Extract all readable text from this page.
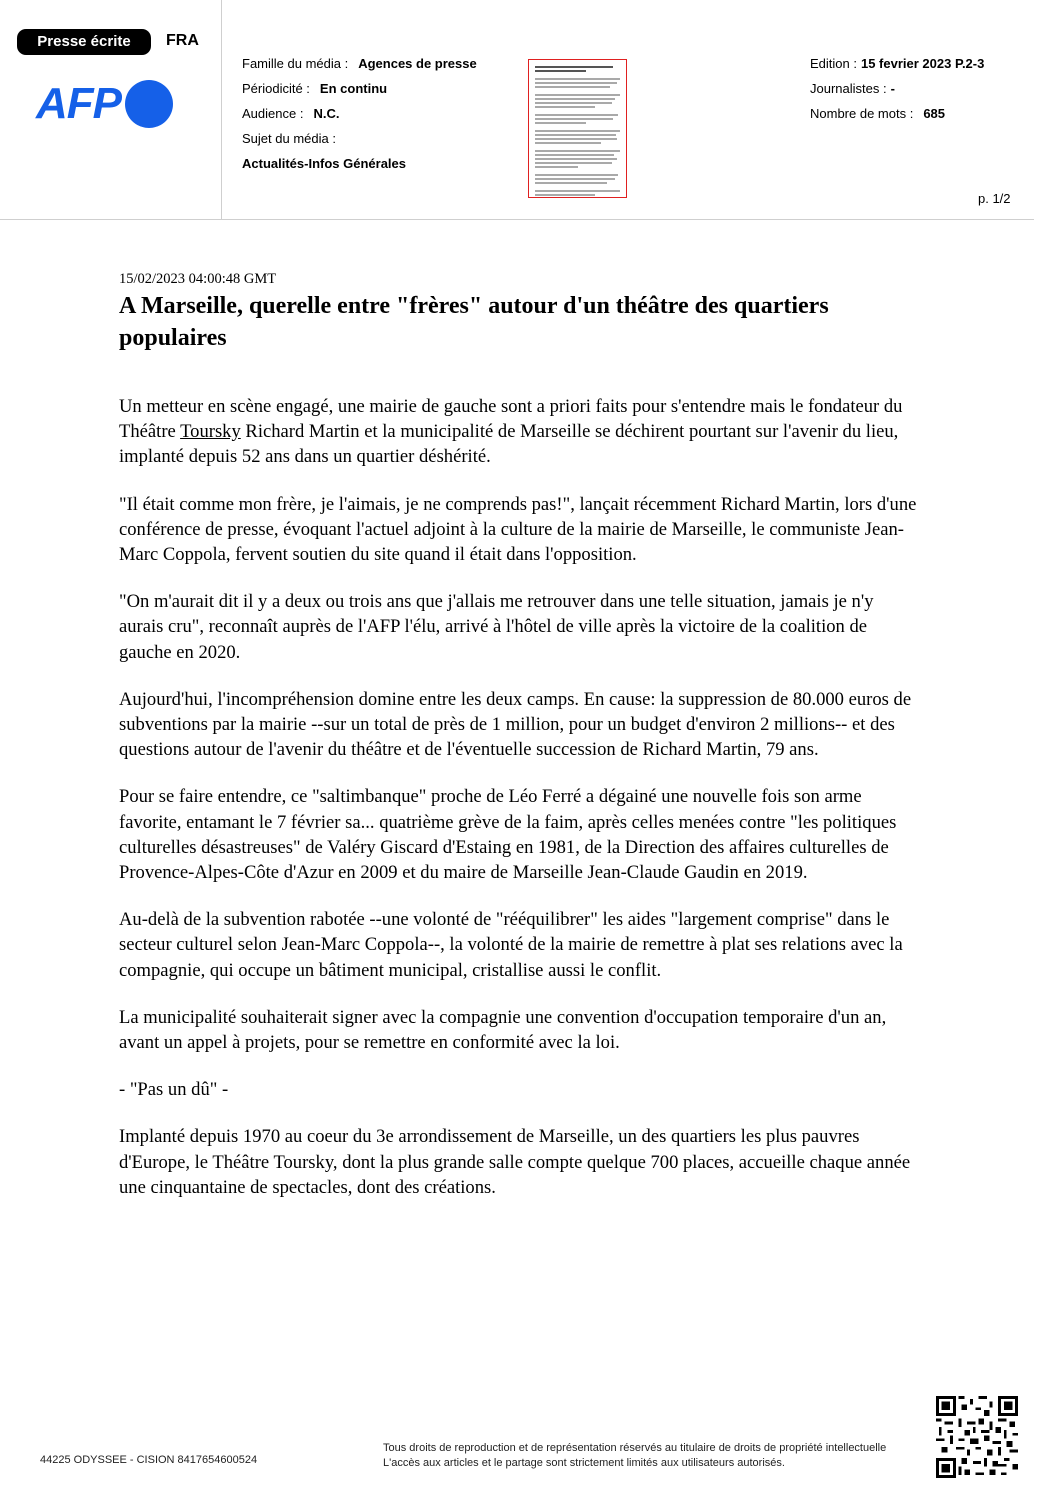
Presse écrite	FRA
AFP
Famille du média : Agences de presse
Périodicité : En continu
Audience : N.C.
Sujet du média :
Actualités-Infos Générales
Edition : 15 fevrier 2023 P.2-3
Journalistes : -
Nombre de mots : 685
p. 1/2

15/02/2023 04:00:48 GMT

A Marseille, querelle entre "frères" autour d'un théâtre des quartiers populaires

Un metteur en scène engagé, une mairie de gauche sont a priori faits pour s'entendre mais le fondateur du Théâtre Toursky Richard Martin et la municipalité de Marseille se déchirent pourtant sur l'avenir du lieu, implanté depuis 52 ans dans un quartier déshérité.

"Il était comme mon frère, je l'aimais, je ne comprends pas!", lançait récemment Richard Martin, lors d'une conférence de presse, évoquant l'actuel adjoint à la culture de la mairie de Marseille, le communiste Jean-Marc Coppola, fervent soutien du site quand il était dans l'opposition.

"On m'aurait dit il y a deux ou trois ans que j'allais me retrouver dans une telle situation, jamais je n'y aurais cru", reconnaît auprès de l'AFP l'élu, arrivé à l'hôtel de ville après la victoire de la coalition de gauche en 2020.

Aujourd'hui, l'incompréhension domine entre les deux camps. En cause: la suppression de 80.000 euros de subventions par la mairie --sur un total de près de 1 million, pour un budget d'environ 2 millions-- et des questions autour de l'avenir du théâtre et de l'éventuelle succession de Richard Martin, 79 ans.

Pour se faire entendre, ce "saltimbanque" proche de Léo Ferré a dégainé une nouvelle fois son arme favorite, entamant le 7 février sa... quatrième grève de la faim, après celles menées contre "les politiques culturelles désastreuses" de Valéry Giscard d'Estaing en 1981, de la Direction des affaires culturelles de Provence-Alpes-Côte d'Azur en 2009 et du maire de Marseille Jean-Claude Gaudin en 2019.

Au-delà de la subvention rabotée --une volonté de "rééquilibrer" les aides "largement comprise" dans le secteur culturel selon Jean-Marc Coppola--, la volonté de la mairie de remettre à plat ses relations avec la compagnie, qui occupe un bâtiment municipal, cristallise aussi le conflit.

La municipalité souhaiterait signer avec la compagnie une convention d'occupation temporaire d'un an, avant un appel à projets, pour se remettre en conformité avec la loi.

- "Pas un dû" -

Implanté depuis 1970 au coeur du 3e arrondissement de Marseille, un des quartiers les plus pauvres d'Europe, le Théâtre Toursky, dont la plus grande salle compte quelque 700 places, accueille chaque année une cinquantaine de spectacles, dont des créations.

44225 ODYSSEE - CISION 8417654600524
Tous droits de reproduction et de représentation réservés au titulaire de droits de propriété intellectuelle
L'accès aux articles et le partage sont strictement limités aux utilisateurs autorisés.
